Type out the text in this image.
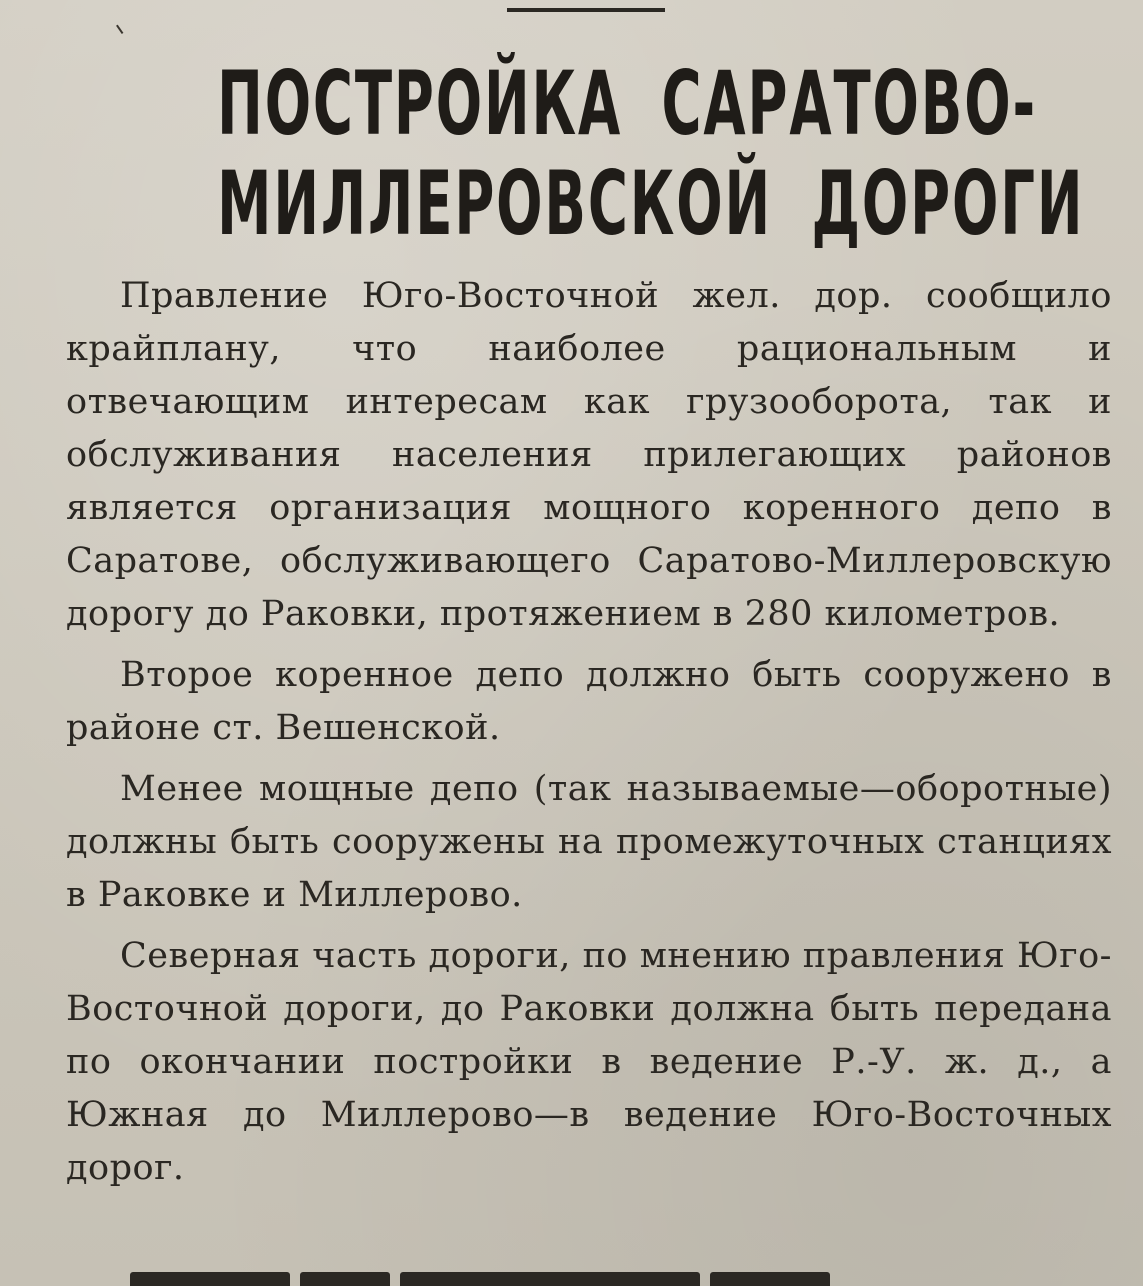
ПОСТРОЙКА САРАТОВО-
МИЛЛЕРОВСКОЙ ДОРОГИ

Правление Юго-Восточной жел. дор. сообщило крайплану, что наиболее рациональным и отвечающим интересам как грузооборота, так и обслуживания населения прилегающих районов является организация мощного коренного депо в Саратове, обслуживающего Саратово-Миллеровскую дорогу до Раковки, протяжением в 280 километров.

Второе коренное депо должно быть сооружено в районе ст. Вешенской.

Менее мощные депо (так называемые—оборотные) должны быть сооружены на промежуточных станциях в Раковке и Миллерово.

Северная часть дороги, по мнению правления Юго-Восточной дороги, до Раковки должна быть передана по окончании постройки в ведение Р.-У. ж. д., а Южная до Миллерово—в ведение Юго-Восточных дорог.
